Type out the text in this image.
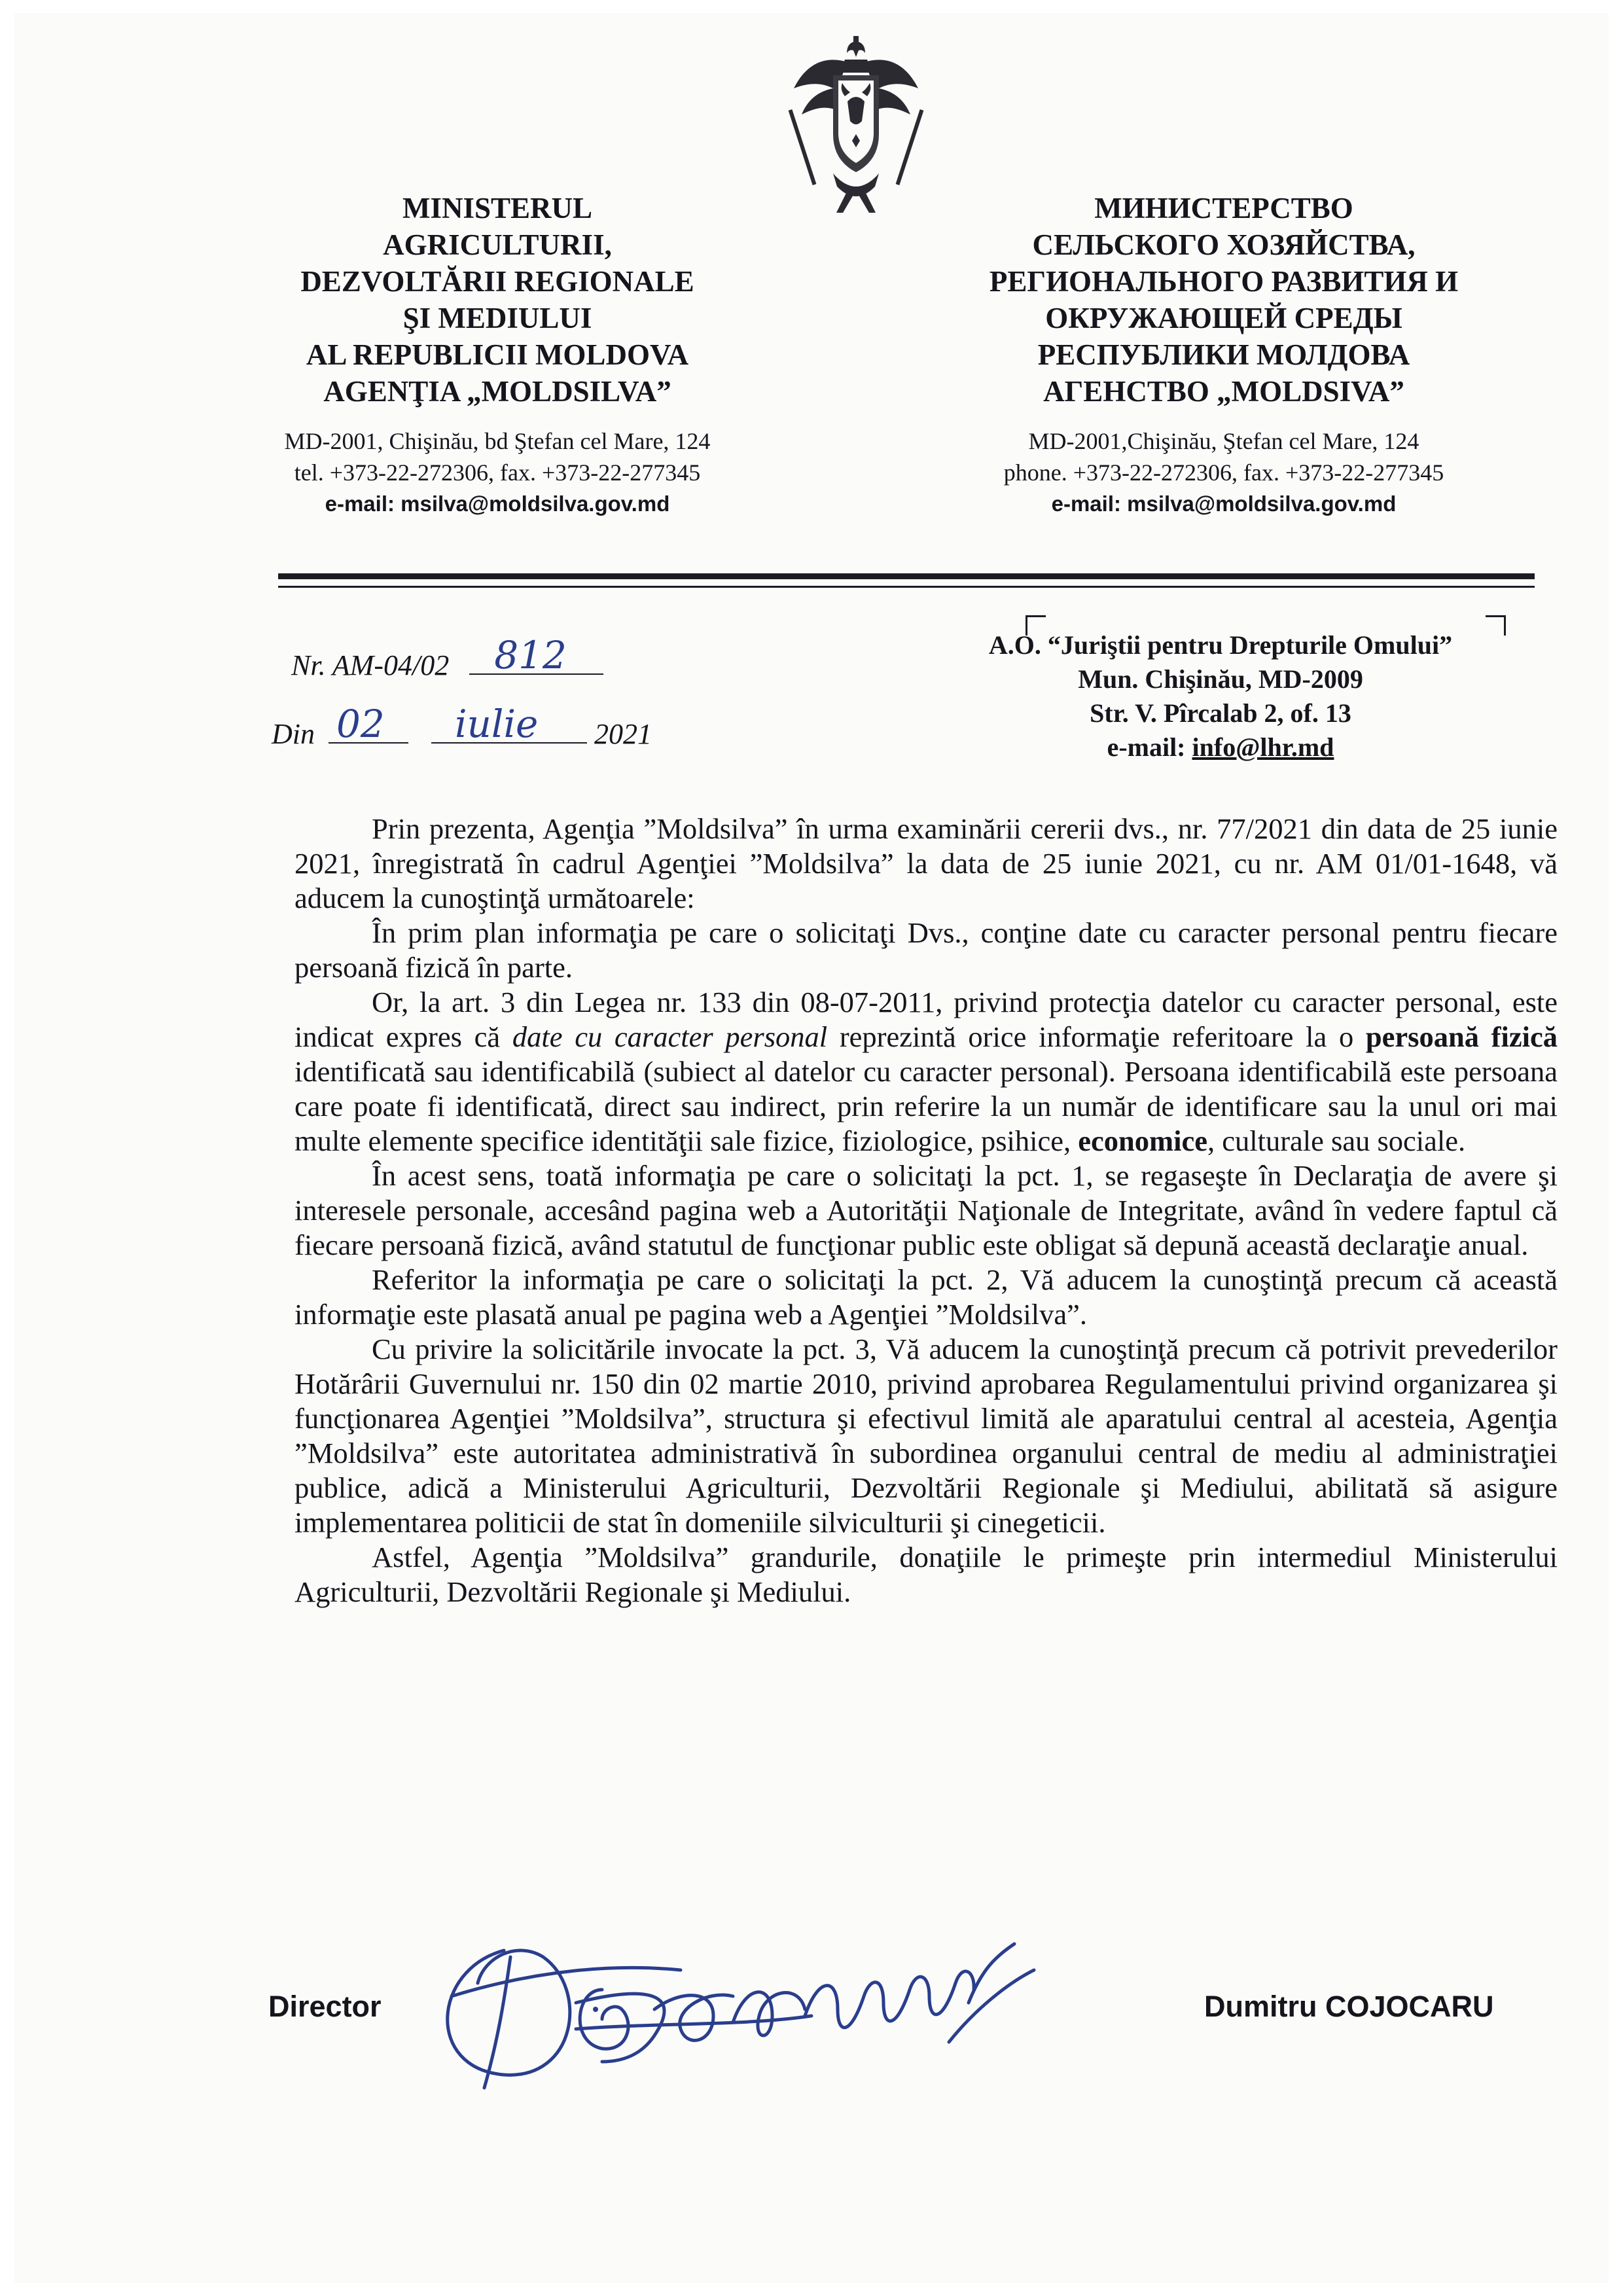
MINISTERUL
AGRICULTURII,
DEZVOLTĂRII REGIONALE
ŞI MEDIULUI
AL REPUBLICII MOLDOVA
AGENŢIA „MOLDSILVA”
MD-2001, Chişinău, bd Ştefan cel Mare, 124
tel. +373-22-272306, fax. +373-22-277345
e-mail: msilva@moldsilva.gov.md
МИНИСТЕРСТВО
СЕЛЬСКОГО ХОЗЯЙСТВА,
РЕГИОНАЛЬНОГО РАЗВИТИЯ И
ОКРУЖАЮЩЕЙ СРЕДЫ
РЕСПУБЛИКИ МОЛДОВА
АГЕНСТВО „MOLDSIVA”
MD-2001,Chişinău, Ştefan cel Mare, 124
phone. +373-22-272306, fax. +373-22-277345
e-mail: msilva@moldsilva.gov.md
Nr. AM-04/02 812
Din 02
iulie 2021
A.O. “Juriştii pentru Drepturile Omului”
Mun. Chişinău, MD-2009
Str. V. Pîrcalab 2, of. 13
e-mail: info@lhr.md

Prin prezenta, Agenţia ”Moldsilva” în urma examinării cererii dvs., nr. 77/2021 din data de 25 iunie 2021, înregistrată în cadrul Agenţiei ”Moldsilva” la data de 25 iunie 2021, cu nr. AM 01/01-1648, vă aducem la cunoştinţă următoarele:

În prim plan informaţia pe care o solicitaţi Dvs., conţine date cu caracter personal pentru fiecare persoană fizică în parte.

Or, la art. 3 din Legea nr. 133 din 08-07-2011, privind protecţia datelor cu caracter personal, este indicat expres că date cu caracter personal reprezintă orice informaţie referitoare la o persoană fizică identificată sau identificabilă (subiect al datelor cu caracter personal). Persoana identificabilă este persoana care poate fi identificată, direct sau indirect, prin referire la un număr de identificare sau la unul ori mai multe elemente specifice identităţii sale fizice, fiziologice, psihice, economice, culturale sau sociale.

În acest sens, toată informaţia pe care o solicitaţi la pct. 1, se regaseşte în Declaraţia de avere şi interesele personale, accesând pagina web a Autorităţii Naţionale de Integritate, având în vedere faptul că fiecare persoană fizică, având statutul de funcţionar public este obligat să depună această declaraţie anual.

Referitor la informaţia pe care o solicitaţi la pct. 2, Vă aducem la cunoştinţă precum că această informaţie este plasată anual pe pagina web a Agenţiei ”Moldsilva”.

Cu privire la solicitările invocate la pct. 3, Vă aducem la cunoştinţă precum că potrivit prevederilor Hotărârii Guvernului nr. 150 din 02 martie 2010, privind aprobarea Regulamentului privind organizarea şi funcţionarea Agenţiei ”Moldsilva”, structura şi efectivul limită ale aparatului central al acesteia, Agenţia ”Moldsilva” este autoritatea administrativă în subordinea organului central de mediu al administraţiei publice, adică a Ministerului Agriculturii, Dezvoltării Regionale şi Mediului, abilitată să asigure implementarea politicii de stat în domeniile silviculturii şi cinegeticii.

Astfel, Agenţia ”Moldsilva” grandurile, donaţiile le primeşte prin intermediul Ministerului Agriculturii, Dezvoltării Regionale şi Mediului.

Director	Dumitru COJOCARU
